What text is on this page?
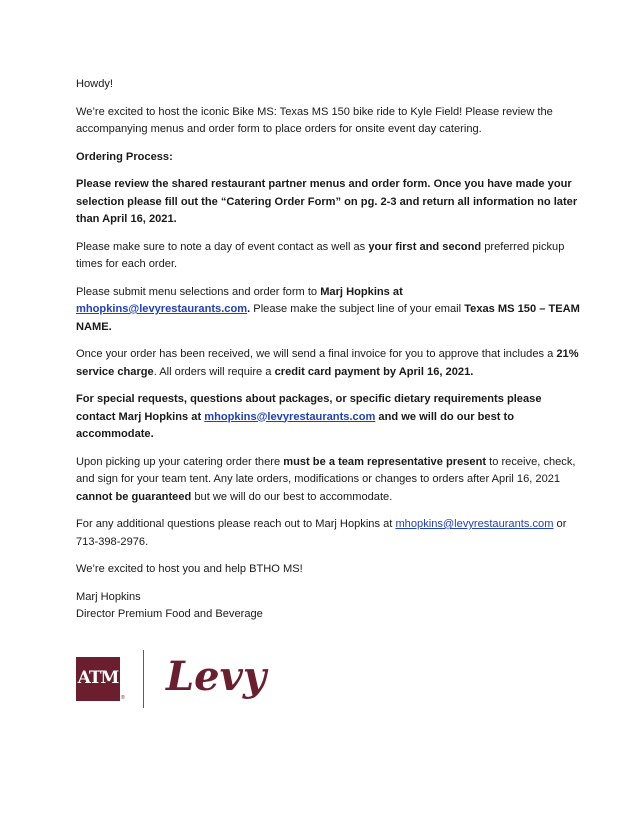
Howdy!

We’re excited to host the iconic Bike MS: Texas MS 150 bike ride to Kyle Field! Please review the accompanying menus and order form to place orders for onsite event day catering.

Ordering Process:

Please review the shared restaurant partner menus and order form. Once you have made your selection please fill out the “Catering Order Form” on pg. 2-3 and return all information no later than April 16, 2021.

Please make sure to note a day of event contact as well as your first and second preferred pickup times for each order.

Please submit menu selections and order form to Marj Hopkins at mhopkins@levyrestaurants.com. Please make the subject line of your email Texas MS 150 – TEAM NAME.

Once your order has been received, we will send a final invoice for you to approve that includes a 21% service charge. All orders will require a credit card payment by April 16, 2021.

For special requests, questions about packages, or specific dietary requirements please contact Marj Hopkins at mhopkins@levyrestaurants.com and we will do our best to accommodate.

Upon picking up your catering order there must be a team representative present to receive, check, and sign for your team tent. Any late orders, modifications or changes to orders after April 16, 2021 cannot be guaranteed but we will do our best to accommodate.

For any additional questions please reach out to Marj Hopkins at mhopkins@levyrestaurants.com or 713-398-2976.

We’re excited to host you and help BTHO MS!

Marj Hopkins

Director Premium Food and Beverage

ATM
® Levy
